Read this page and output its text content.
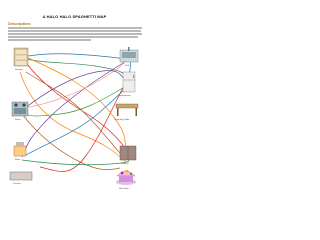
A HALO HALO SPAGHETTI MAP
Description:
Storage
Sink
Refrigerator
Stove	Preparing Table
Mixer
Cabinet
Counter
Halo Halo
